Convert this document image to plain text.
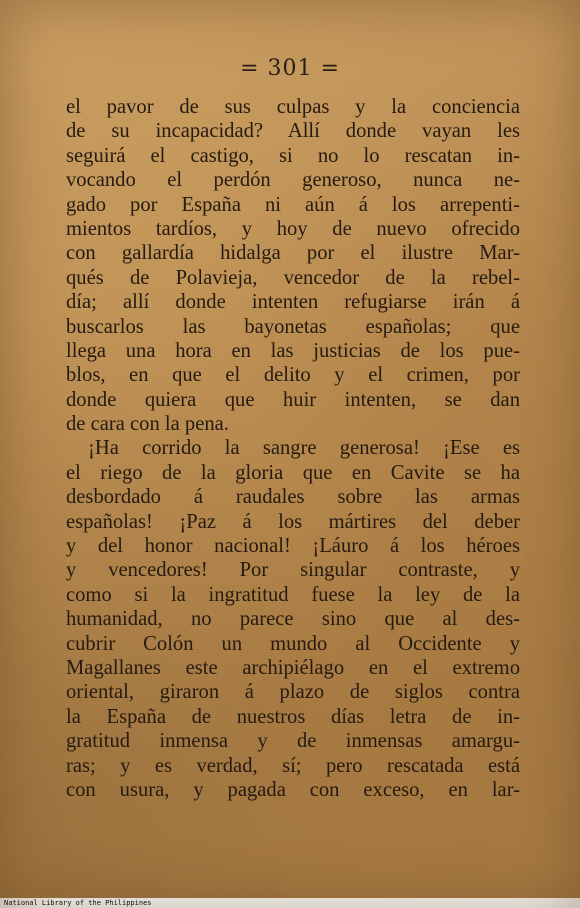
= 301 =
el pavor de sus culpas y la conciencia
de su incapacidad? Allí donde vayan les
seguirá el castigo, si no lo rescatan in-
vocando el perdón generoso, nunca ne-
gado por España ni aún á los arrepenti-
mientos tardíos, y hoy de nuevo ofrecido
con gallardía hidalga por el ilustre Mar-
qués de Polavieja, vencedor de la rebel-
día; allí donde intenten refugiarse irán á
buscarlos las bayonetas españolas; que
llega una hora en las justicias de los pue-
blos, en que el delito y el crimen, por
donde quiera que huir intenten, se dan
de cara con la pena.
¡Ha corrido la sangre generosa! ¡Ese es
el riego de la gloria que en Cavite se ha
desbordado á raudales sobre las armas
españolas! ¡Paz á los mártires del deber
y del honor nacional! ¡Láuro á los héroes
y vencedores! Por singular contraste, y
como si la ingratitud fuese la ley de la
humanidad, no parece sino que al des-
cubrir Colón un mundo al Occidente y
Magallanes este archipiélago en el extremo
oriental, giraron á plazo de siglos contra
la España de nuestros días letra de in-
gratitud inmensa y de inmensas amargu-
ras; y es verdad, sí; pero rescatada está
con usura, y pagada con exceso, en lar-
National Library of the Philippines
